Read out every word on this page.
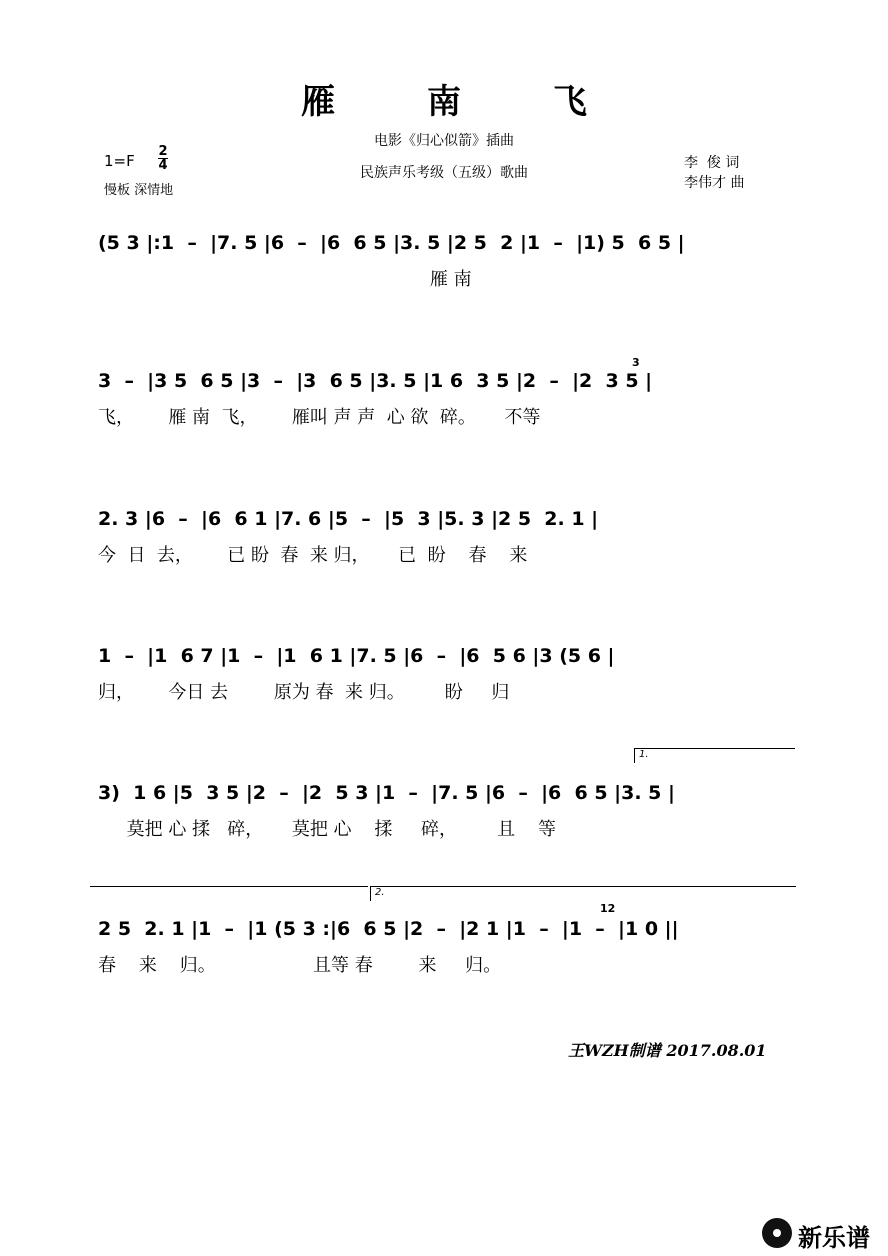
雁 南 飞
电影《归心似箭》插曲
民族声乐考级（五级）歌曲
1=F
2
4
慢板 深情地
李  俊 词
李伟才 曲
(5 3 |:1  –  |7. 5 |6  –  |6  6 5 |3. 5 |2 5  2 |1  –  |1) 5  6 5 |
雁 南
3  –  |3 5  6 5 |3  –  |3  6 5 |3. 5 |1 6  3 5 |2  –  |2  3 5 |
飞，      雁 南  飞，      雁叫 声 声  心 欲  碎。     不等
3
2. 3 |6  –  |6  6 1 |7. 6 |5  –  |5  3 |5. 3 |2 5  2. 1 |
今  日  去，      已 盼  春  来 归，     已  盼    春    来
1  –  |1  6 7 |1  –  |1  6 1 |7. 5 |6  –  |6  5 6 |3 (5 6 |
归，      今日 去        原为 春  来 归。       盼     归
1.
3)  1 6 |5  3 5 |2  –  |2  5 3 |1  –  |7. 5 |6  –  |6  6 5 |3. 5 |
莫把 心 揉   碎，     莫把 心    揉     碎，       且    等
2.
2 5  2. 1 |1  –  |1 (5 3 :|6  6 5 |2  –  |2 1 |1  –  |1  –  |1 0 ||
春    来    归。                 且等 春        来     归。
12
王WZH制谱 2017.08.01
新乐谱
